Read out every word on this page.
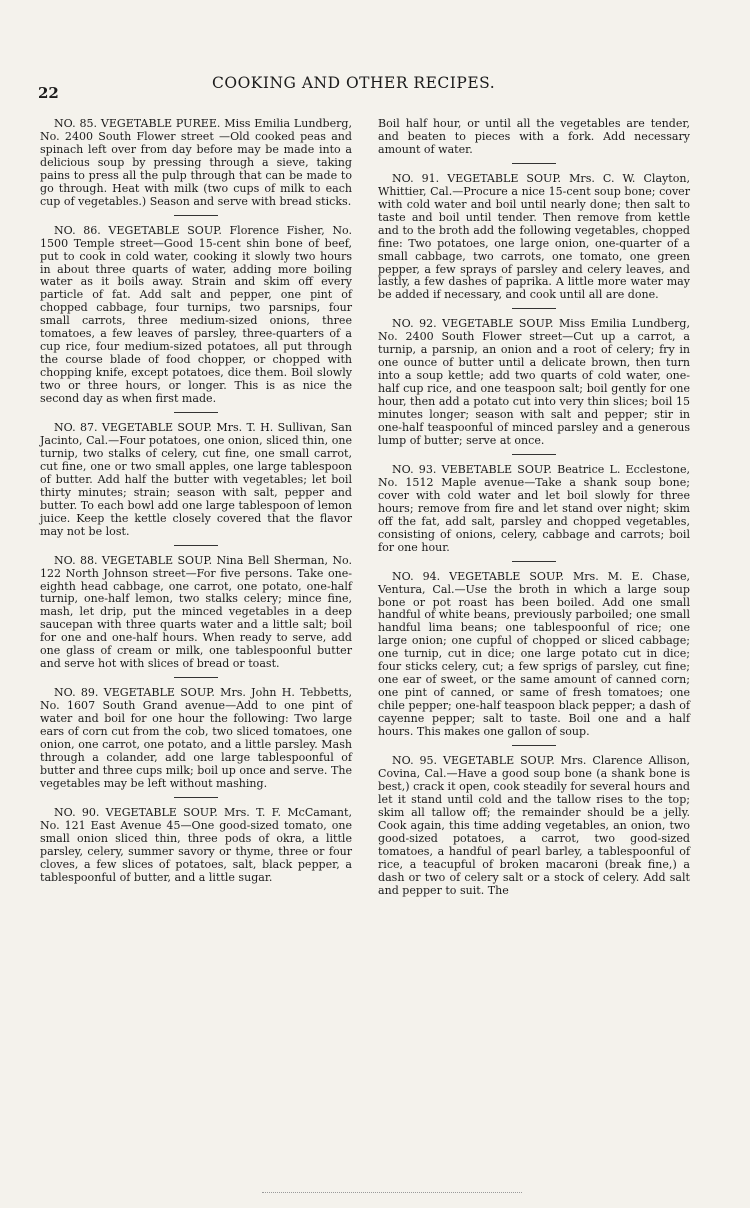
22
COOKING AND OTHER RECIPES.

NO. 85. VEGETABLE PUREE. Miss Emilia Lundberg, No. 2400 South Flower street —Old cooked peas and spinach left over from day before may be made into a delicious soup by pressing through a sieve, taking pains to press all the pulp through that can be made to go through. Heat with milk (two cups of milk to each cup of vegetables.) Season and serve with bread sticks.

NO. 86. VEGETABLE SOUP. Florence Fisher, No. 1500 Temple street—Good 15-cent shin bone of beef, put to cook in cold water, cooking it slowly two hours in about three quarts of water, adding more boiling water as it boils away. Strain and skim off every particle of fat. Add salt and pepper, one pint of chopped cabbage, four turnips, two parsnips, four small carrots, three medium-sized onions, three tomatoes, a few leaves of parsley, three-quarters of a cup rice, four medium-sized potatoes, all put through the course blade of food chopper, or chopped with chopping knife, except potatoes, dice them. Boil slowly two or three hours, or longer. This is as nice the second day as when first made.

NO. 87. VEGETABLE SOUP. Mrs. T. H. Sullivan, San Jacinto, Cal.—Four potatoes, one onion, sliced thin, one turnip, two stalks of celery, cut fine, one small carrot, cut fine, one or two small apples, one large tablespoon of butter. Add half the butter with vegetables; let boil thirty minutes; strain; season with salt, pepper and butter. To each bowl add one large tablespoon of lemon juice. Keep the kettle closely covered that the flavor may not be lost.

NO. 88. VEGETABLE SOUP. Nina Bell Sherman, No. 122 North Johnson street—For five persons. Take one-eighth head cabbage, one carrot, one potato, one-half turnip, one-half lemon, two stalks celery; mince fine, mash, let drip, put the minced vegetables in a deep saucepan with three quarts water and a little salt; boil for one and one-half hours. When ready to serve, add one glass of cream or milk, one tablespoonful butter and serve hot with slices of bread or toast.

NO. 89. VEGETABLE SOUP. Mrs. John H. Tebbetts, No. 1607 South Grand avenue—Add to one pint of water and boil for one hour the following: Two large ears of corn cut from the cob, two sliced tomatoes, one onion, one carrot, one potato, and a little parsley. Mash through a colander, add one large tablespoonful of butter and three cups milk; boil up once and serve. The vegetables may be left without mashing.

NO. 90. VEGETABLE SOUP. Mrs. T. F. McCamant, No. 121 East Avenue 45—One good-sized tomato, one small onion sliced thin, three pods of okra, a little parsley, celery, summer savory or thyme, three or four cloves, a few slices of potatoes, salt, black pepper, a tablespoonful of butter, and a little sugar.

Boil half hour, or until all the vegetables are tender, and beaten to pieces with a fork. Add necessary amount of water.

NO. 91. VEGETABLE SOUP. Mrs. C. W. Clayton, Whittier, Cal.—Procure a nice 15-cent soup bone; cover with cold water and boil until nearly done; then salt to taste and boil until tender. Then remove from kettle and to the broth add the following vegetables, chopped fine: Two potatoes, one large onion, one-quarter of a small cabbage, two carrots, one tomato, one green pepper, a few sprays of parsley and celery leaves, and lastly, a few dashes of paprika. A little more water may be added if necessary, and cook until all are done.

NO. 92. VEGETABLE SOUP. Miss Emilia Lundberg, No. 2400 South Flower street—Cut up a carrot, a turnip, a parsnip, an onion and a root of celery; fry in one ounce of butter until a delicate brown, then turn into a soup kettle; add two quarts of cold water, one-half cup rice, and one teaspoon salt; boil gently for one hour, then add a potato cut into very thin slices; boil 15 minutes longer; season with salt and pepper; stir in one-half teaspoonful of minced parsley and a generous lump of butter; serve at once.

NO. 93. VEBETABLE SOUP. Beatrice L. Ecclestone, No. 1512 Maple avenue—Take a shank soup bone; cover with cold water and let boil slowly for three hours; remove from fire and let stand over night; skim off the fat, add salt, parsley and chopped vegetables, consisting of onions, celery, cabbage and carrots; boil for one hour.

NO. 94. VEGETABLE SOUP. Mrs. M. E. Chase, Ventura, Cal.—Use the broth in which a large soup bone or pot roast has been boiled. Add one small handful of white beans, previously parboiled; one small handful lima beans; one tablespoonful of rice; one large onion; one cupful of chopped or sliced cabbage; one turnip, cut in dice; one large potato cut in dice; four sticks celery, cut; a few sprigs of parsley, cut fine; one ear of sweet, or the same amount of canned corn; one pint of canned, or same of fresh tomatoes; one chile pepper; one-half teaspoon black pepper; a dash of cayenne pepper; salt to taste. Boil one and a half hours. This makes one gallon of soup.

NO. 95. VEGETABLE SOUP. Mrs. Clarence Allison, Covina, Cal.—Have a good soup bone (a shank bone is best,) crack it open, cook steadily for several hours and let it stand until cold and the tallow rises to the top; skim all tallow off; the remainder should be a jelly. Cook again, this time adding vegetables, an onion, two good-sized potatoes, a carrot, two good-sized tomatoes, a handful of pearl barley, a tablespoonful of rice, a teacupful of broken macaroni (break fine,) a dash or two of celery salt or a stock of celery. Add salt and pepper to suit. The
